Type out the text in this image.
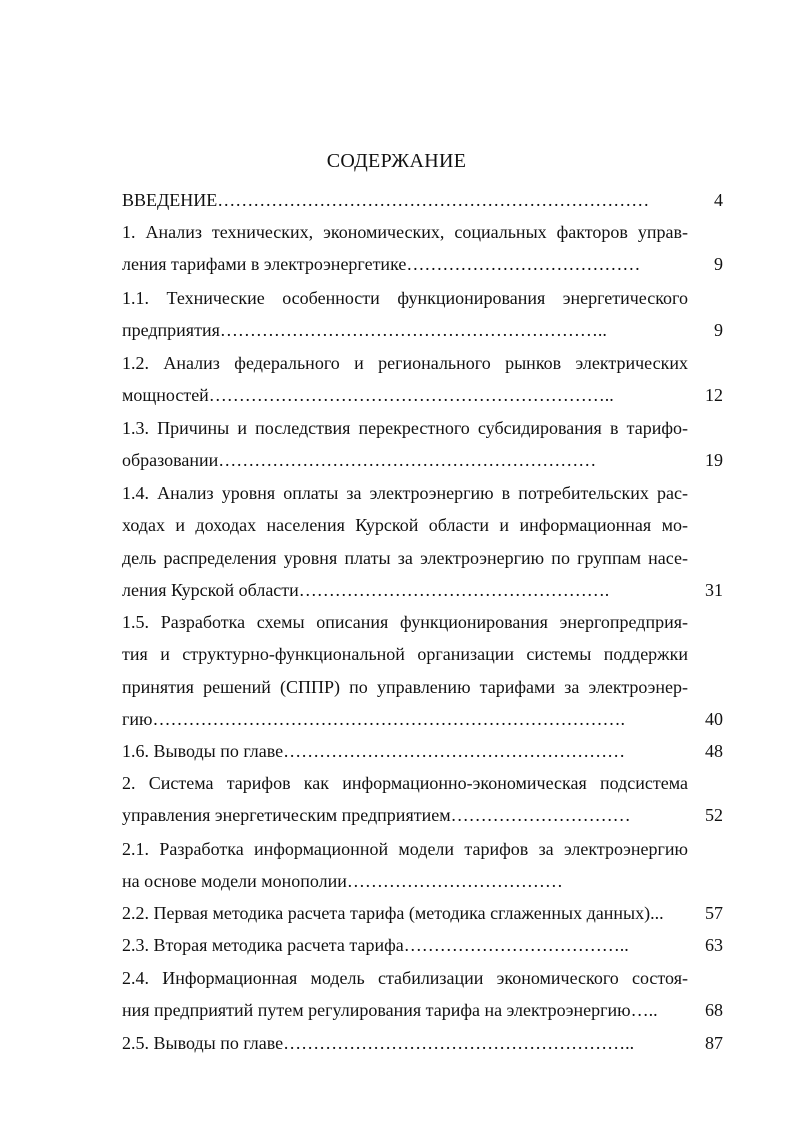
СОДЕРЖАНИЕ
ВВЕДЕНИЕ………………………………………………………………	4
1. Анализ технических, экономических, социальных факторов управ-
ления тарифами в электроэнергетике…………………………………	9
1.1. Технические особенности функционирования энергетического
предприятия………………………………………………………..	9
1.2. Анализ федерального и регионального рынков электрических
мощностей…………………………………………………………..	12
1.3. Причины и последствия перекрестного субсидирования в тарифо-
образовании………………………………………………………	19
1.4. Анализ уровня оплаты за электроэнергию в потребительских рас-
ходах и доходах населения Курской области и информационная мо-
дель распределения уровня платы за электроэнергию по группам насе-
ления Курской области…………………………………………….	31
1.5. Разработка схемы описания функционирования энергопредприя-
тия и структурно-функциональной организации системы поддержки
принятия решений (СППР) по управлению тарифами за электроэнер-
гию…………………………………………………………………….	40
1.6. Выводы по главе…………………………………………………	48
2. Система тарифов как информационно-экономическая подсистема
управления энергетическим предприятием…………………………	52
2.1. Разработка информационной модели тарифов за электроэнергию
на основе модели монополии………………………………
2.2. Первая методика расчета тарифа (методика сглаженных данных)...	57
2.3. Вторая методика расчета тарифа………………………………..	63
2.4. Информационная модель стабилизации экономического состоя-
ния предприятий путем регулирования тарифа на электроэнергию…..	68
2.5. Выводы по главе…………………………………………………..	87
